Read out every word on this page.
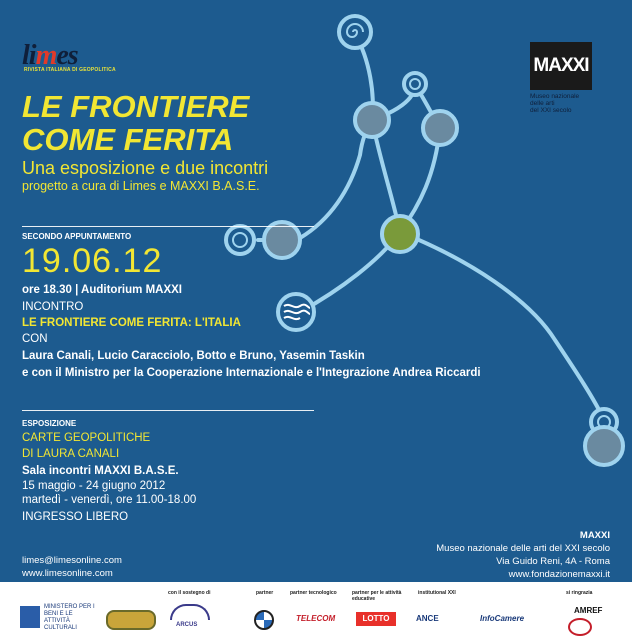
limes
RIVISTA ITALIANA DI GEOPOLITICA
LE FRONTIERE
COME FERITA
Una esposizione e due incontri
progetto a cura di Limes e MAXXI B.A.S.E.
SECONDO APPUNTAMENTO
19.06.12
ore 18.30 | Auditorium MAXXI
INCONTRO
LE FRONTIERE COME FERITA: L'ITALIA
CON
Laura Canali, Lucio Caracciolo, Botto e Bruno, Yasemin Taskin
e con il Ministro per la Cooperazione Internazionale e l'Integrazione Andrea Riccardi
ESPOSIZIONE
CARTE GEOPOLITICHE
DI LAURA CANALI
Sala incontri MAXXI B.A.S.E.
15 maggio - 24 giugno 2012
martedì - venerdì, ore 11.00-18.00
INGRESSO LIBERO
MAXXI
Museo nazionale
delle arti
del XXI secolo
MAXXI
Museo nazionale delle arti del XXI secolo
Via Guido Reni, 4A - Roma
www.fondazionemaxxi.it
limes@limesonline.com
www.limesonline.com
con il sostegno di	partner	partner tecnologico	partner per le attività educative
institutional XXI	si ringrazia
MINISTERO PER I BENI E LE ATTIVITÀ CULTURALI	ARCUS
TELECOM	LOTTO	ANCE	InfoCamere
AMREF
